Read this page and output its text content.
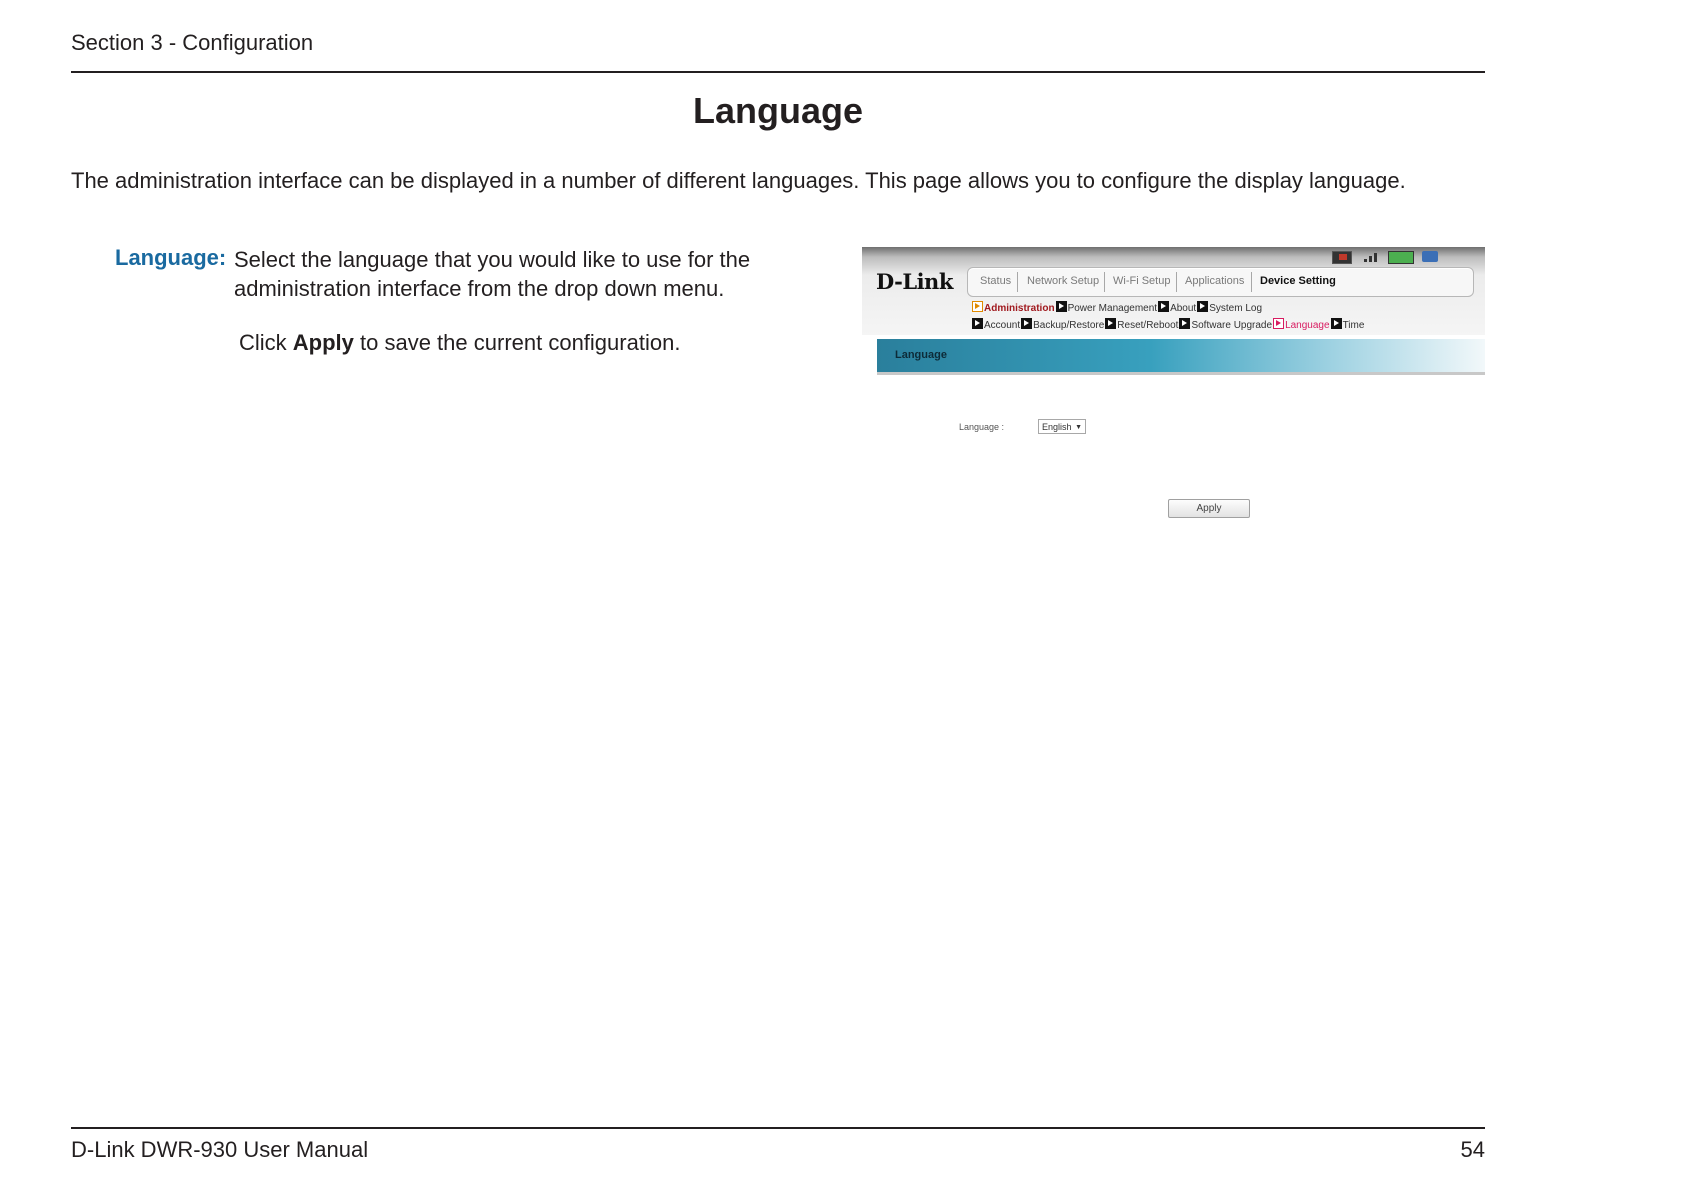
Section 3 - Configuration
Language
The administration interface can be displayed in a number of different languages. This page allows you to configure the display language.
Language: Select the language that you would like to use for the administration interface from the drop down menu.
Click Apply to save the current configuration.
D-Link Status Network Setup Wi-Fi Setup Applications Device Setting
Administration Power Management About System Log
Account Backup/Restore Reset/Reboot Software Upgrade Language Time
Language
Language :	English ▼
Apply
D-Link DWR-930 User Manual	54
